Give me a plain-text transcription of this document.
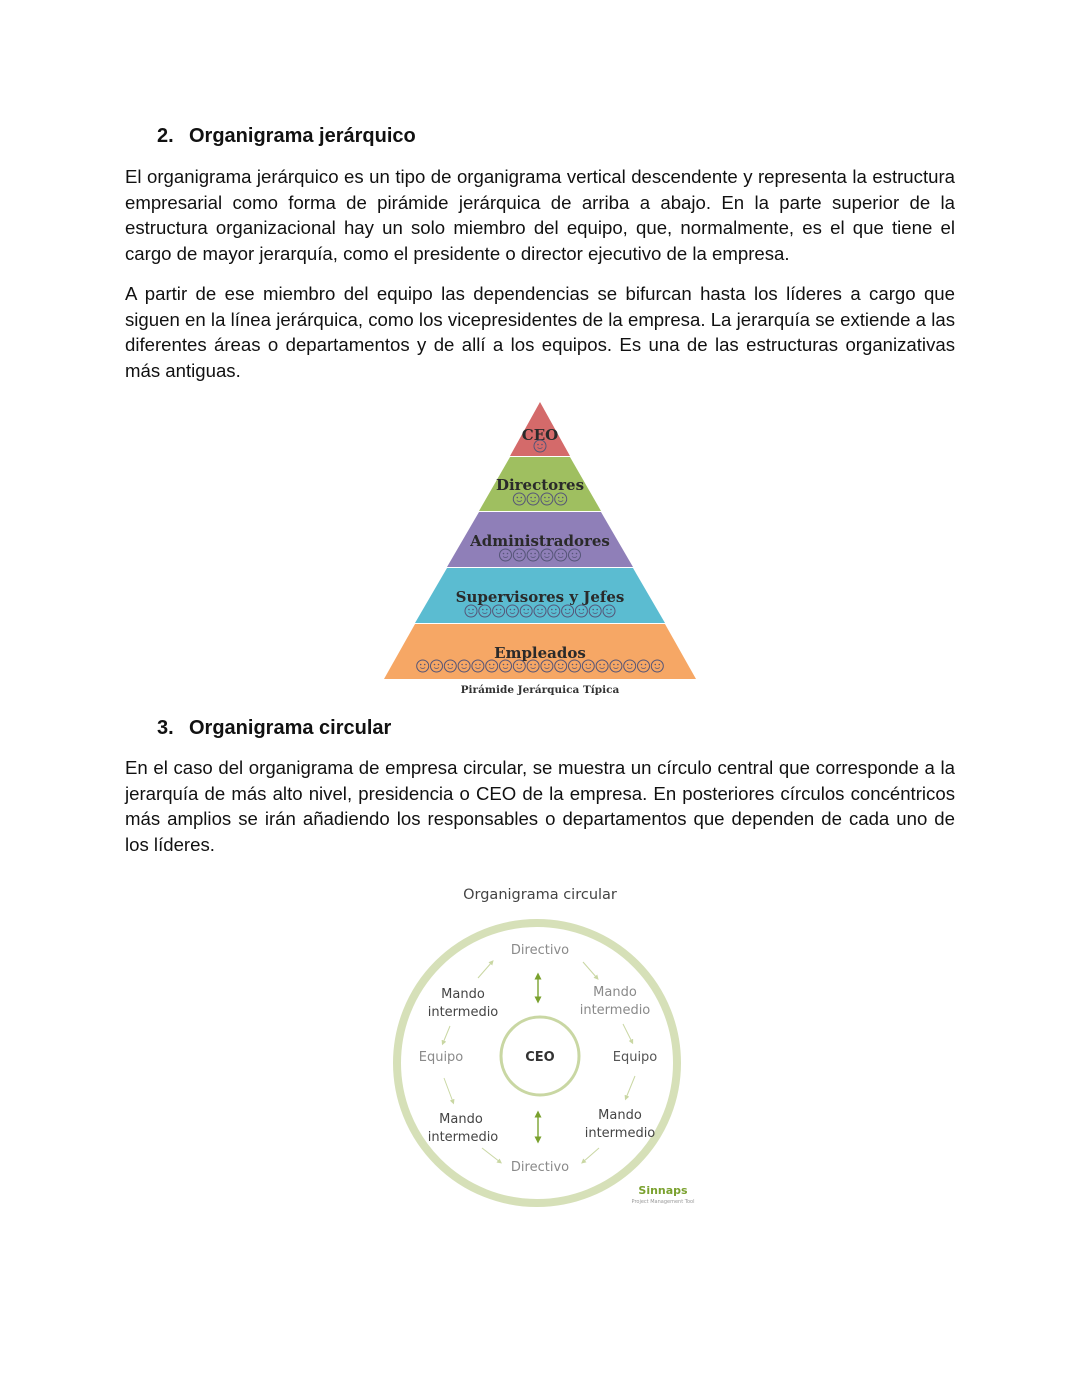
2. Organigrama jerárquico

El organigrama jerárquico es un tipo de organigrama vertical descendente y representa la estructura empresarial como forma de pirámide jerárquica de arriba a abajo. En la parte superior de la estructura organizacional hay un solo miembro del equipo, que, normalmente, es el que tiene el cargo de mayor jerarquía, como el presidente o director ejecutivo de la empresa.

A partir de ese miembro del equipo las dependencias se bifurcan hasta los líderes a cargo que siguen en la línea jerárquica, como los vicepresidentes de la empresa. La jerarquía se extiende a las diferentes áreas o departamentos y de allí a los equipos. Es una de las estructuras organizativas más antiguas.

CEO
Directores
Administradores
Supervisores y Jefes
Empleados
Pirámide Jerárquica Típica
3. Organigrama circular

En el caso del organigrama de empresa circular, se muestra un círculo central que corresponde a la jerarquía de más alto nivel, presidencia o CEO de la empresa. En posteriores círculos concéntricos más amplios se irán añadiendo los responsables o departamentos que dependen de cada uno de los líderes.

Organigrama circular
CEO
Directivo
Directivo
Equipo	Equipo
Mando
intermedio
Mando
intermedio
Mando
intermedio
Mando
intermedio
Sinnaps
Project Management Tool
